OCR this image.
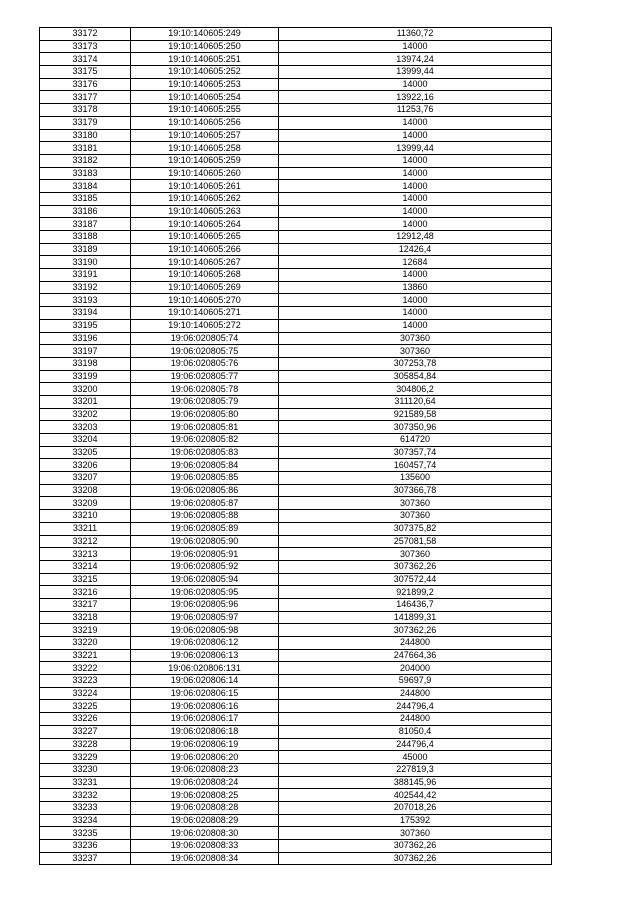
33172	19:10:140605:249	11360,72
33173	19:10:140605:250	14000
33174	19:10:140605:251	13974,24
33175	19:10:140605:252	13999,44
33176	19:10:140605:253	14000
33177	19:10:140605:254	13922,16
33178	19:10:140605:255	11253,76
33179	19:10:140605:256	14000
33180	19:10:140605:257	14000
33181	19:10:140605:258	13999,44
33182	19:10:140605:259	14000
33183	19:10:140605:260	14000
33184	19:10:140605:261	14000
33185	19:10:140605:262	14000
33186	19:10:140605:263	14000
33187	19:10:140605:264	14000
33188	19:10:140605:265	12912,48
33189	19:10:140605:266	12426,4
33190	19:10:140605:267	12684
33191	19:10:140605:268	14000
33192	19:10:140605:269	13860
33193	19:10:140605:270	14000
33194	19:10:140605:271	14000
33195	19:10:140605:272	14000
33196	19:06:020805:74	307360
33197	19:06:020805:75	307360
33198	19:06:020805:76	307253,78
33199	19:06:020805:77	305854,84
33200	19:06:020805:78	304806,2
33201	19:06:020805:79	311120,64
33202	19:06:020805:80	921589,58
33203	19:06:020805:81	307350,96
33204	19:06:020805:82	614720
33205	19:06:020805:83	307357,74
33206	19:06:020805:84	160457,74
33207	19:06:020805:85	135600
33208	19:06:020805:86	307366,78
33209	19:06:020805:87	307360
33210	19:06:020805:88	307360
33211	19:06:020805:89	307375,82
33212	19:06:020805:90	257081,58
33213	19:06:020805:91	307360
33214	19:06:020805:92	307362,26
33215	19:06:020805:94	307572,44
33216	19:06:020805:95	921899,2
33217	19:06:020805:96	146436,7
33218	19:06:020805:97	141899,31
33219	19:06:020805:98	307362,26
33220	19:06:020806:12	244800
33221	19:06:020806:13	247664,36
33222	19:06:020806:131	204000
33223	19:06:020806:14	59697,9
33224	19:06:020806:15	244800
33225	19:06:020806:16	244796,4
33226	19:06:020806:17	244800
33227	19:06:020806:18	81050,4
33228	19:06:020806:19	244796,4
33229	19:06:020806:20	45000
33230	19:06:020808:23	227819,3
33231	19:06:020808:24	388145,96
33232	19:06:020808:25	402544,42
33233	19:06:020808:28	207018,26
33234	19:06:020808:29	175392
33235	19:06:020808:30	307360
33236	19:06:020808:33	307362,26
33237	19:06:020808:34	307362,26
